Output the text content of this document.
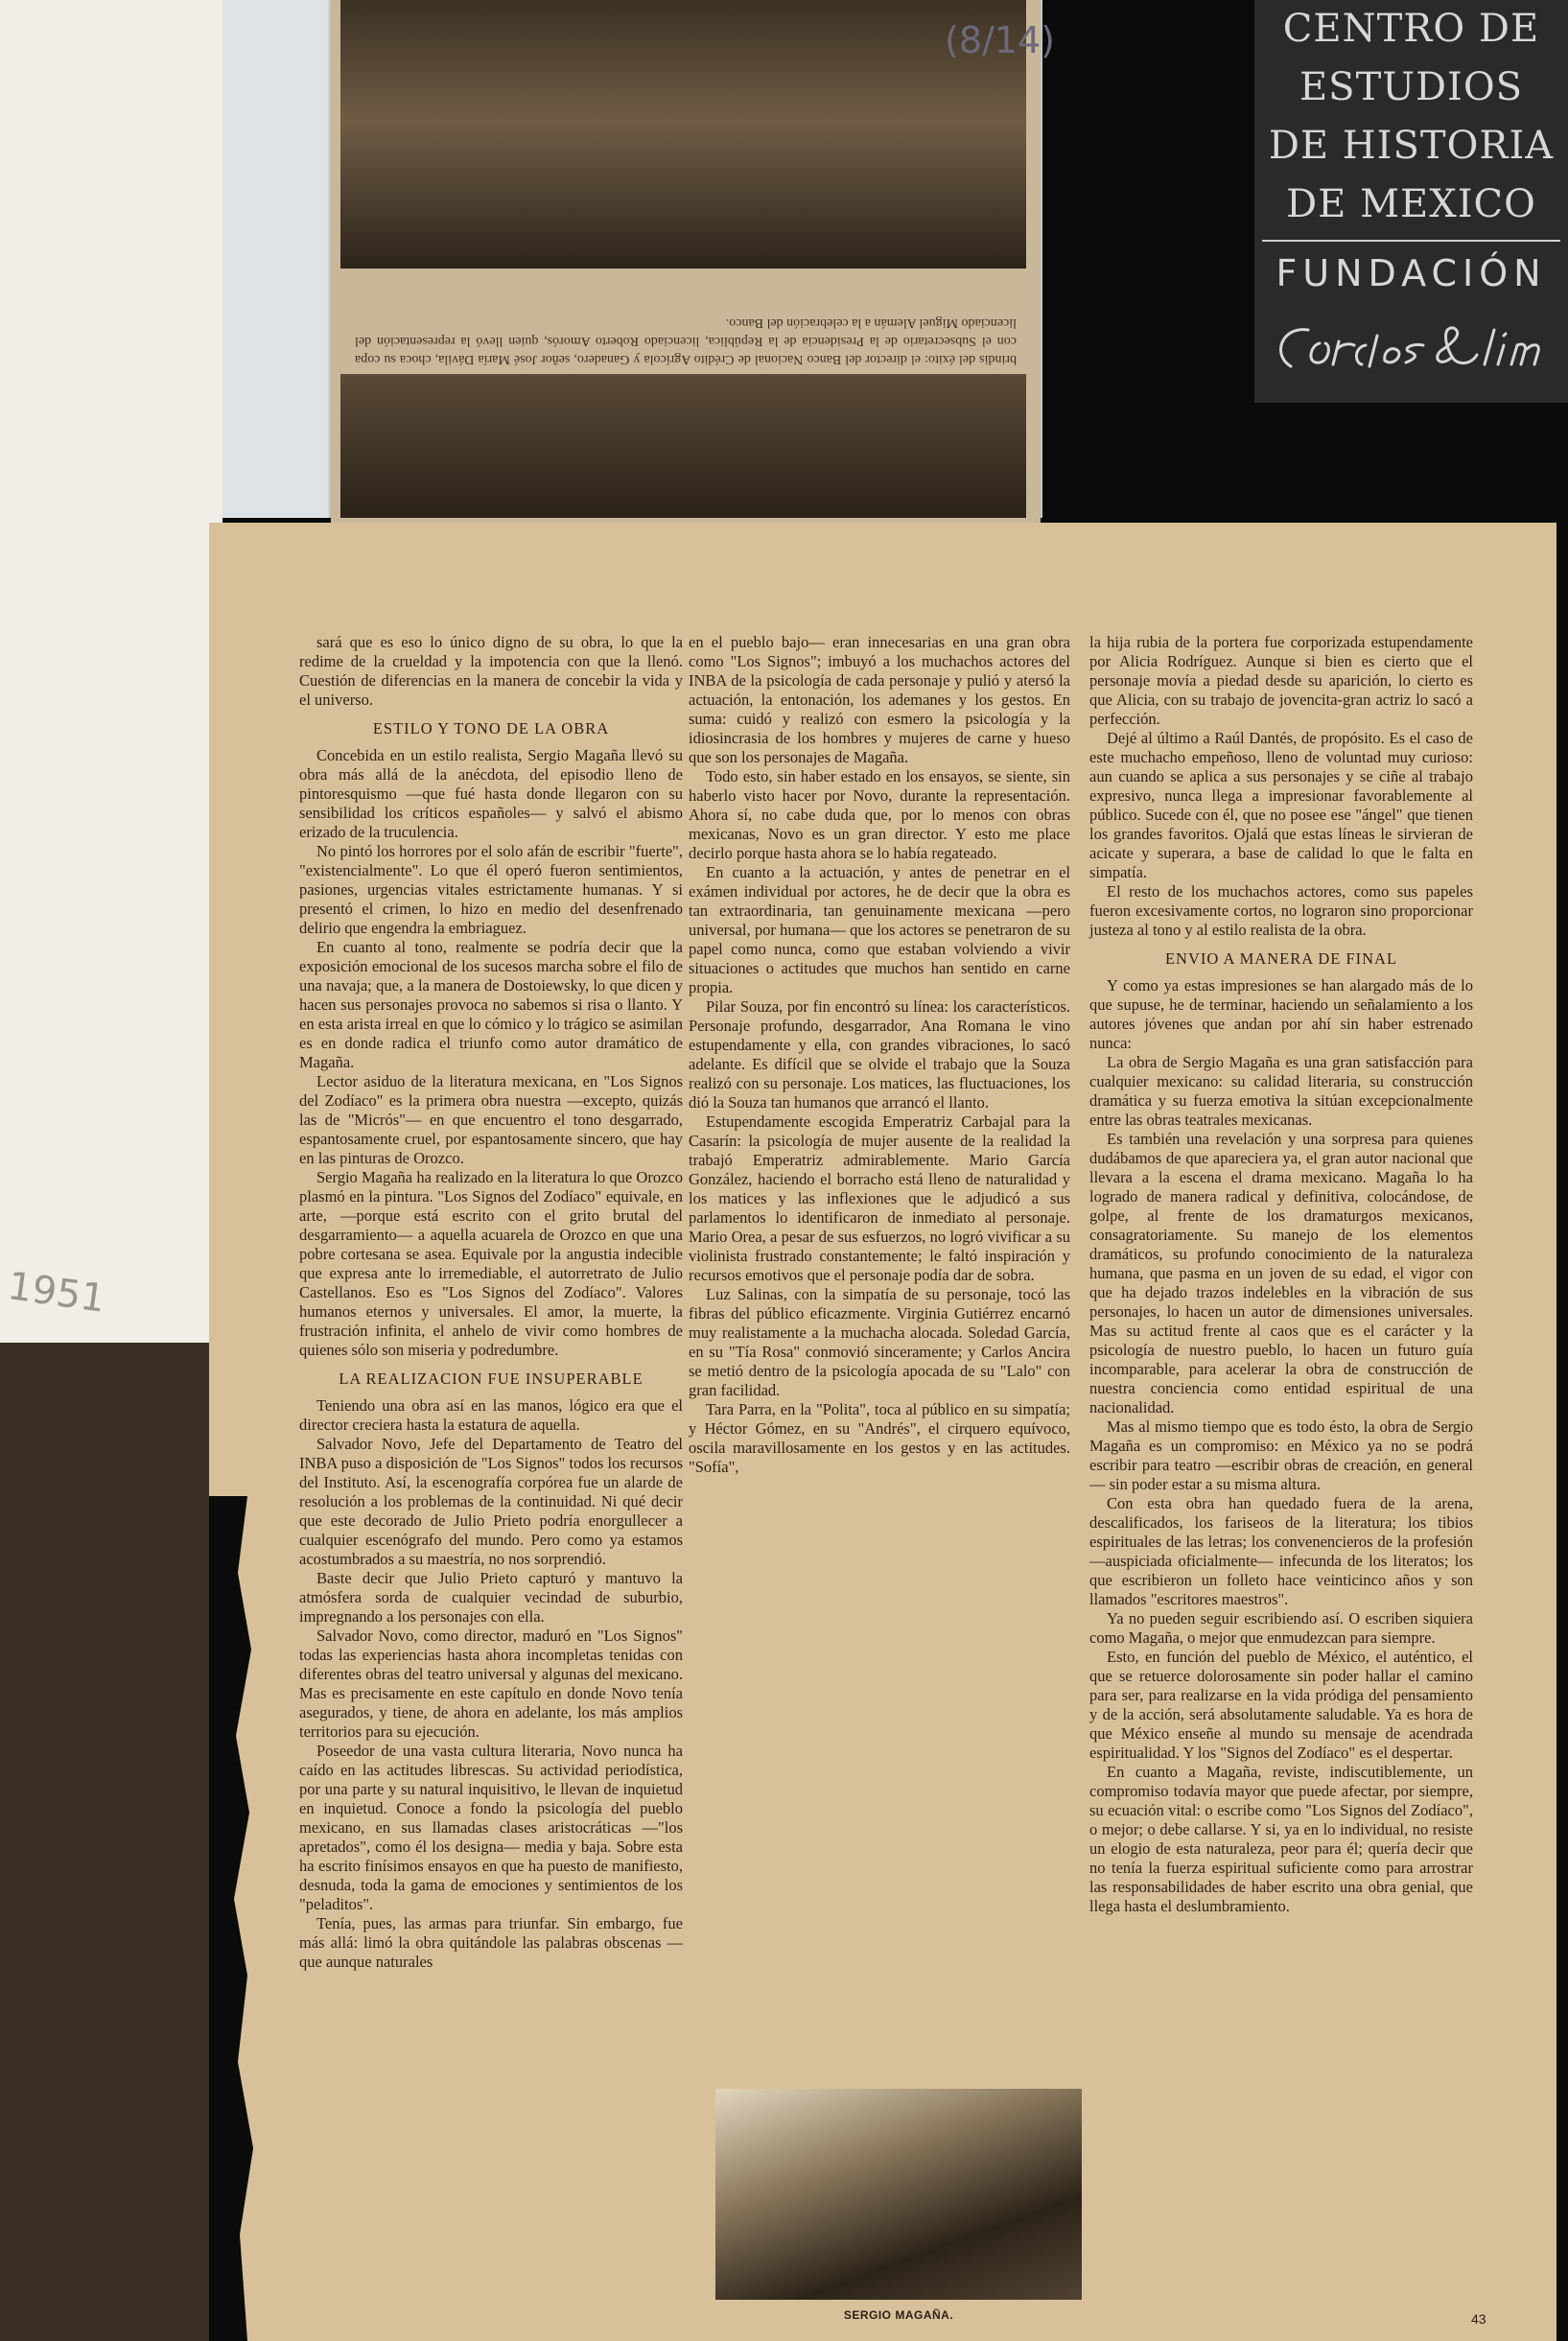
1951
brindis del éxito: el director del Banco Nacional de Crédito Agrícola y Ganadero, señor José María Dávila, choca su copa con el Subsecretario de la Presidencia de la República, licenciado Roberto Amorós, quien llevó la representación del licenciado Miguel Alemán a la celebración del Banco.
(8/14)	CENTRO DE
ESTUDIOS
DE HISTORIA
DE MEXICO
FUNDACIÓN

sará que es eso lo único digno de su obra, lo que la redime de la crueldad y la impotencia con que la llenó. Cuestión de diferencias en la manera de concebir la vida y el universo.

ESTILO Y TONO DE LA OBRA

Concebida en un estilo realista, Sergio Magaña llevó su obra más allá de la anécdota, del episodio lleno de pintoresquismo —que fué hasta donde llegaron con su sensibilidad los críticos españoles— y salvó el abismo erizado de la truculencia.

No pintó los horrores por el solo afán de escribir "fuerte", "existencialmente". Lo que él operó fueron sentimientos, pasiones, urgencias vitales estrictamente humanas. Y si presentó el crimen, lo hizo en medio del desenfrenado delirio que engendra la embriaguez.

En cuanto al tono, realmente se podría decir que la exposición emocional de los sucesos marcha sobre el filo de una navaja; que, a la manera de Dostoiewsky, lo que dicen y hacen sus personajes provoca no sabemos si risa o llanto. Y en esta arista irreal en que lo cómico y lo trágico se asimilan es en donde radica el triunfo como autor dramático de Magaña.

Lector asiduo de la literatura mexicana, en "Los Signos del Zodíaco" es la primera obra nuestra —excepto, quizás las de "Micrós"— en que encuentro el tono desgarrado, espantosamente cruel, por espantosamente sincero, que hay en las pinturas de Orozco.

Sergio Magaña ha realizado en la literatura lo que Orozco plasmó en la pintura. "Los Signos del Zodíaco" equivale, en arte, —porque está escrito con el grito brutal del desgarramiento— a aquella acuarela de Orozco en que una pobre cortesana se asea. Equivale por la angustia indecible que expresa ante lo irremediable, el autorretrato de Julio Castellanos. Eso es "Los Signos del Zodíaco". Valores humanos eternos y universales. El amor, la muerte, la frustración infinita, el anhelo de vivir como hombres de quienes sólo son miseria y podredumbre.

LA REALIZACION FUE INSUPERABLE

Teniendo una obra así en las manos, lógico era que el director creciera hasta la estatura de aquella.

Salvador Novo, Jefe del Departamento de Teatro del INBA puso a disposición de "Los Signos" todos los recursos del Instituto. Así, la escenografía corpórea fue un alarde de resolución a los problemas de la continuidad. Ni qué decir que este decorado de Julio Prieto podría enorgullecer a cualquier escenógrafo del mundo. Pero como ya estamos acostumbrados a su maestría, no nos sorprendió.

Baste decir que Julio Prieto capturó y mantuvo la atmósfera sorda de cualquier vecindad de suburbio, impregnando a los personajes con ella.

Salvador Novo, como director, maduró en "Los Signos" todas las experiencias hasta ahora incompletas tenidas con diferentes obras del teatro universal y algunas del mexicano. Mas es precisamente en este capítulo en donde Novo tenía asegurados, y tiene, de ahora en adelante, los más amplios territorios para su ejecución.

Poseedor de una vasta cultura literaria, Novo nunca ha caído en las actitudes librescas. Su actividad periodística, por una parte y su natural inquisitivo, le llevan de inquietud en inquietud. Conoce a fondo la psicología del pueblo mexicano, en sus llamadas clases aristocráticas —"los apretados", como él los designa— media y baja. Sobre esta ha escrito finísimos ensayos en que ha puesto de manifiesto, desnuda, toda la gama de emociones y sentimientos de los "peladitos".

Tenía, pues, las armas para triunfar. Sin embargo, fue más allá: limó la obra quitándole las palabras obscenas —que aunque naturales

en el pueblo bajo— eran innecesarias en una gran obra como "Los Signos"; imbuyó a los muchachos actores del INBA de la psicología de cada personaje y pulió y atersó la actuación, la entonación, los ademanes y los gestos. En suma: cuidó y realizó con esmero la psicología y la idiosincrasia de los hombres y mujeres de carne y hueso que son los personajes de Magaña.

Todo esto, sin haber estado en los ensayos, se siente, sin haberlo visto hacer por Novo, durante la representación. Ahora sí, no cabe duda que, por lo menos con obras mexicanas, Novo es un gran director. Y esto me place decirlo porque hasta ahora se lo había regateado.

En cuanto a la actuación, y antes de penetrar en el exámen individual por actores, he de decir que la obra es tan extraordinaria, tan genuinamente mexicana —pero universal, por humana— que los actores se penetraron de su papel como nunca, como que estaban volviendo a vivir situaciones o actitudes que muchos han sentido en carne propia.

Pilar Souza, por fin encontró su línea: los característicos. Personaje profundo, desgarrador, Ana Romana le vino estupendamente y ella, con grandes vibraciones, lo sacó adelante. Es difícil que se olvide el trabajo que la Souza realizó con su personaje. Los matices, las fluctuaciones, los dió la Souza tan humanos que arrancó el llanto.

Estupendamente escogida Emperatriz Carbajal para la Casarín: la psicología de mujer ausente de la realidad la trabajó Emperatriz admirablemente. Mario García González, haciendo el borracho está lleno de naturalidad y los matices y las inflexiones que le adjudicó a sus parlamentos lo identificaron de inmediato al personaje. Mario Orea, a pesar de sus esfuerzos, no logró vivificar a su violinista frustrado constantemente; le faltó inspiración y recursos emotivos que el personaje podía dar de sobra.

Luz Salinas, con la simpatía de su personaje, tocó las fibras del público eficazmente. Virginia Gutiérrez encarnó muy realistamente a la muchacha alocada. Soledad García, en su "Tía Rosa" conmovió sinceramente; y Carlos Ancira se metió dentro de la psicología apocada de su "Lalo" con gran facilidad.

Tara Parra, en la "Polita", toca al público en su simpatía; y Héctor Gómez, en su "Andrés", el cirquero equívoco, oscila maravillosamente en los gestos y en las actitudes. "Sofía",

la hija rubia de la portera fue corporizada estupendamente por Alicia Rodríguez. Aunque si bien es cierto que el personaje movía a piedad desde su aparición, lo cierto es que Alicia, con su trabajo de jovencita-gran actriz lo sacó a perfección.

Dejé al último a Raúl Dantés, de propósito. Es el caso de este muchacho empeñoso, lleno de voluntad muy curioso: aun cuando se aplica a sus personajes y se ciñe al trabajo expresivo, nunca llega a impresionar favorablemente al público. Sucede con él, que no posee ese "ángel" que tienen los grandes favoritos. Ojalá que estas líneas le sirvieran de acicate y superara, a base de calidad lo que le falta en simpatía.

El resto de los muchachos actores, como sus papeles fueron excesivamente cortos, no lograron sino proporcionar justeza al tono y al estilo realista de la obra.

ENVIO A MANERA DE FINAL

Y como ya estas impresiones se han alargado más de lo que supuse, he de terminar, haciendo un señalamiento a los autores jóvenes que andan por ahí sin haber estrenado nunca:

La obra de Sergio Magaña es una gran satisfacción para cualquier mexicano: su calidad literaria, su construcción dramática y su fuerza emotiva la sitúan excepcionalmente entre las obras teatrales mexicanas.

Es también una revelación y una sorpresa para quienes dudábamos de que apareciera ya, el gran autor nacional que llevara a la escena el drama mexicano. Magaña lo ha logrado de manera radical y definitiva, colocándose, de golpe, al frente de los dramaturgos mexicanos, consagratoriamente. Su manejo de los elementos dramáticos, su profundo conocimiento de la naturaleza humana, que pasma en un joven de su edad, el vigor con que ha dejado trazos indelebles en la vibración de sus personajes, lo hacen un autor de dimensiones universales. Mas su actitud frente al caos que es el carácter y la psicología de nuestro pueblo, lo hacen un futuro guía incomparable, para acelerar la obra de construcción de nuestra conciencia como entidad espiritual de una nacionalidad.

Mas al mismo tiempo que es todo ésto, la obra de Sergio Magaña es un compromiso: en México ya no se podrá escribir para teatro —escribir obras de creación, en general— sin poder estar a su misma altura.

Con esta obra han quedado fuera de la arena, descalificados, los fariseos de la literatura; los tibios espirituales de las letras; los convenencieros de la profesión —auspiciada oficialmente— infecunda de los literatos; los que escribieron un folleto hace veinticinco años y son llamados "escritores maestros".

Ya no pueden seguir escribiendo así. O escriben siquiera como Magaña, o mejor que enmudezcan para siempre.

Esto, en función del pueblo de México, el auténtico, el que se retuerce dolorosamente sin poder hallar el camino para ser, para realizarse en la vida pródiga del pensamiento y de la acción, será absolutamente saludable. Ya es hora de que México enseñe al mundo su mensaje de acendrada espiritualidad. Y los "Signos del Zodíaco" es el despertar.

En cuanto a Magaña, reviste, indiscutiblemente, un compromiso todavía mayor que puede afectar, por siempre, su ecuación vital: o escribe como "Los Signos del Zodíaco", o mejor; o debe callarse. Y si, ya en lo individual, no resiste un elogio de esta naturaleza, peor para él; quería decir que no tenía la fuerza espiritual suficiente como para arrostrar las responsabilidades de haber escrito una obra genial, que llega hasta el deslumbramiento.

SERGIO MAGAÑA.	43
